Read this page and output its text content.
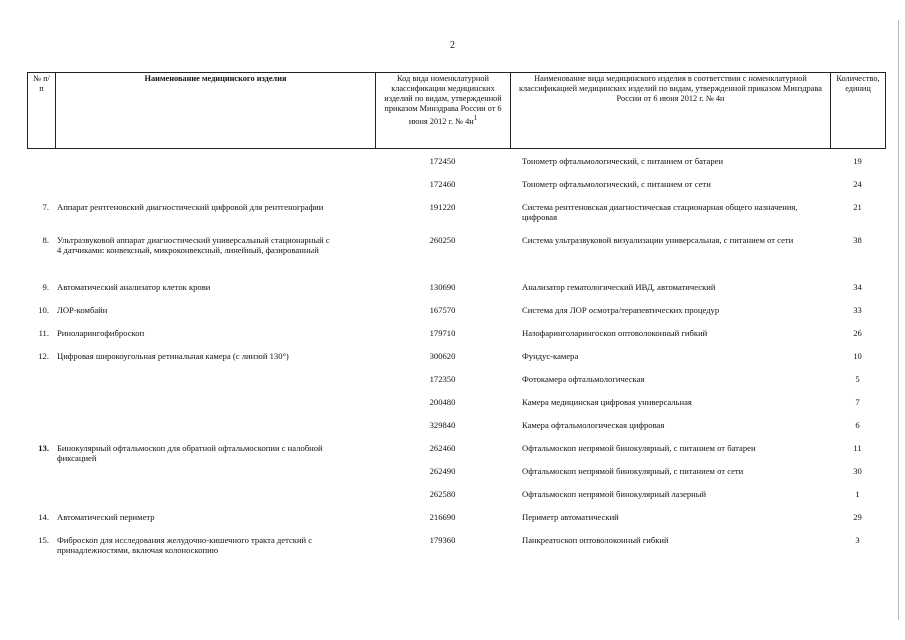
2
№ п/п	Наименование медицинского изделия	Код вида номенклатурной классификации медицинских изделий по видам, утвержденной приказом Минздрава России от 6 июня 2012 г. № $4н^1$	Наименование вида медицинского изделия в соответствии с номенклатурной классификацией медицинских изделий по видам, утвержденной приказом Минздрава России от 6 июня 2012 г. № 4н	Количество, единиц
		172450	Тонометр офтальмологический, с питанием от батареи	19
		172460	Тонометр офтальмологический, с питанием от сети	24
7.	Аппарат рентгеновский диагностический цифровой для рентгенографии	191220	Система рентгеновская диагностическая стационарная общего назначения, цифровая	21
8.	Ультразвуковой аппарат диагностический универсальный стационарный с 4 датчиками: конвексный, микроконвексный, линейный, фазированный	260250	Система ультразвуковой визуализации универсальная, с питанием от сети	38
9.	Автоматический анализатор клеток крови	130690	Анализатор гематологический ИВД, автоматический	34
10.	ЛОР-комбайн	167570	Система для ЛОР осмотра/терапевтических процедур	33
11.	Риноларингофиброскоп	179710	Назофаринголарингоскоп оптоволоконный гибкий	26
12.	Цифровая широкоугольная ретинальная камера (с линзой 130°)	300620	Фундус-камера	10
		172350	Фотокамера офтальмологическая	5
		200480	Камера медицинская цифровая универсальная	7
		329840	Камера офтальмологическая цифровая	6
13.	Бинокулярный офтальмоскоп для обратной офтальмоскопии с налобной фиксацией	262460	Офтальмоскоп непрямой бинокулярный, с питанием от батареи	11
		262490	Офтальмоскоп непрямой бинокулярный, с питанием от сети	30
		262580	Офтальмоскоп непрямой бинокулярный лазерный	1
14.	Автоматический периметр	216690	Периметр автоматический	29
15.	Фиброскоп для исследования желудочно-кишечного тракта детский с принадлежностями, включая колоноскопию	179360	Панкреатоскоп оптоволоконный гибкий	3
